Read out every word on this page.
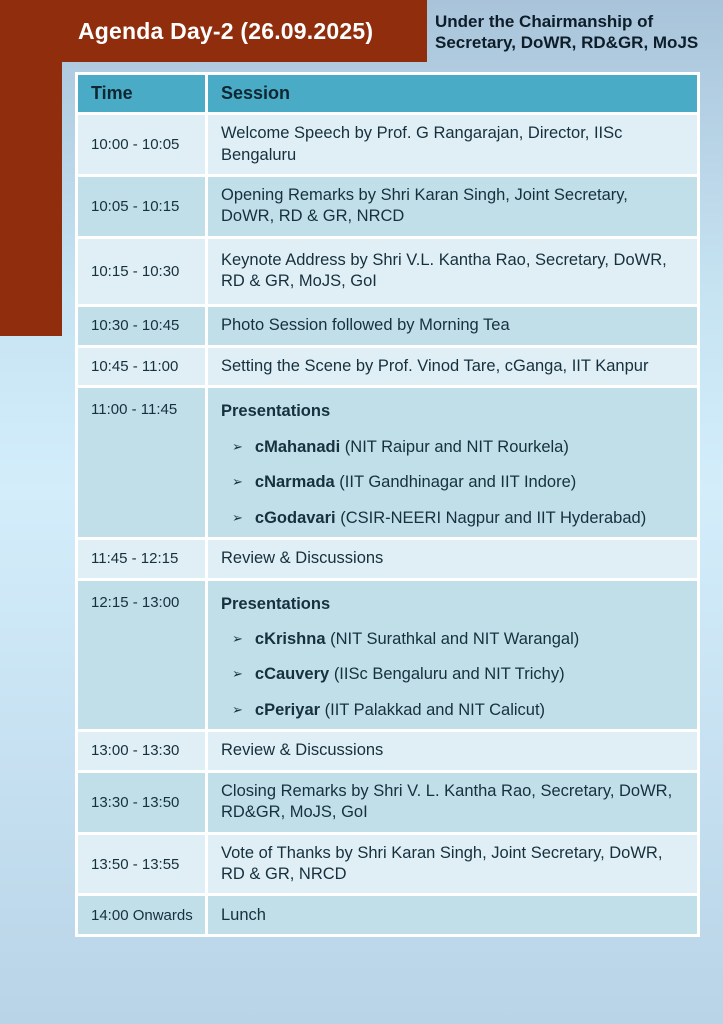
Agenda Day-2 (26.09.2025)	Under the Chairmanship of
Secretary, DoWR, RD&GR, MoJS
Time	Session
10:00 - 10:05	Welcome Speech by Prof. G Rangarajan, Director, IISc Bengaluru

10:05 - 10:15	Opening Remarks by Shri Karan Singh, Joint Secretary, DoWR, RD & GR, NRCD

10:15 - 10:30	Keynote Address by Shri V.L. Kantha Rao, Secretary, DoWR, RD & GR, MoJS, GoI

10:30 - 10:45	Photo Session followed by Morning Tea

10:45 - 11:00	Setting the Scene by Prof. Vinod Tare, cGanga, IIT Kanpur

11:00 - 11:45	Presentations
➢ cMahanadi (NIT Raipur and NIT Rourkela)
➢ cNarmada (IIT Gandhinagar and IIT Indore)
➢ cGodavari (CSIR-NEERI Nagpur and IIT Hyderabad)

11:45 - 12:15	Review & Discussions

12:15 - 13:00	Presentations
➢ cKrishna (NIT Surathkal and NIT Warangal)
➢ cCauvery (IISc Bengaluru and NIT Trichy)
➢ cPeriyar (IIT Palakkad and NIT Calicut)

13:00 - 13:30	Review & Discussions

13:30 - 13:50	Closing Remarks by Shri V. L. Kantha Rao, Secretary, DoWR, RD&GR, MoJS, GoI

13:50 - 13:55	Vote of Thanks by Shri Karan Singh, Joint Secretary, DoWR, RD & GR, NRCD

14:00 Onwards	Lunch
